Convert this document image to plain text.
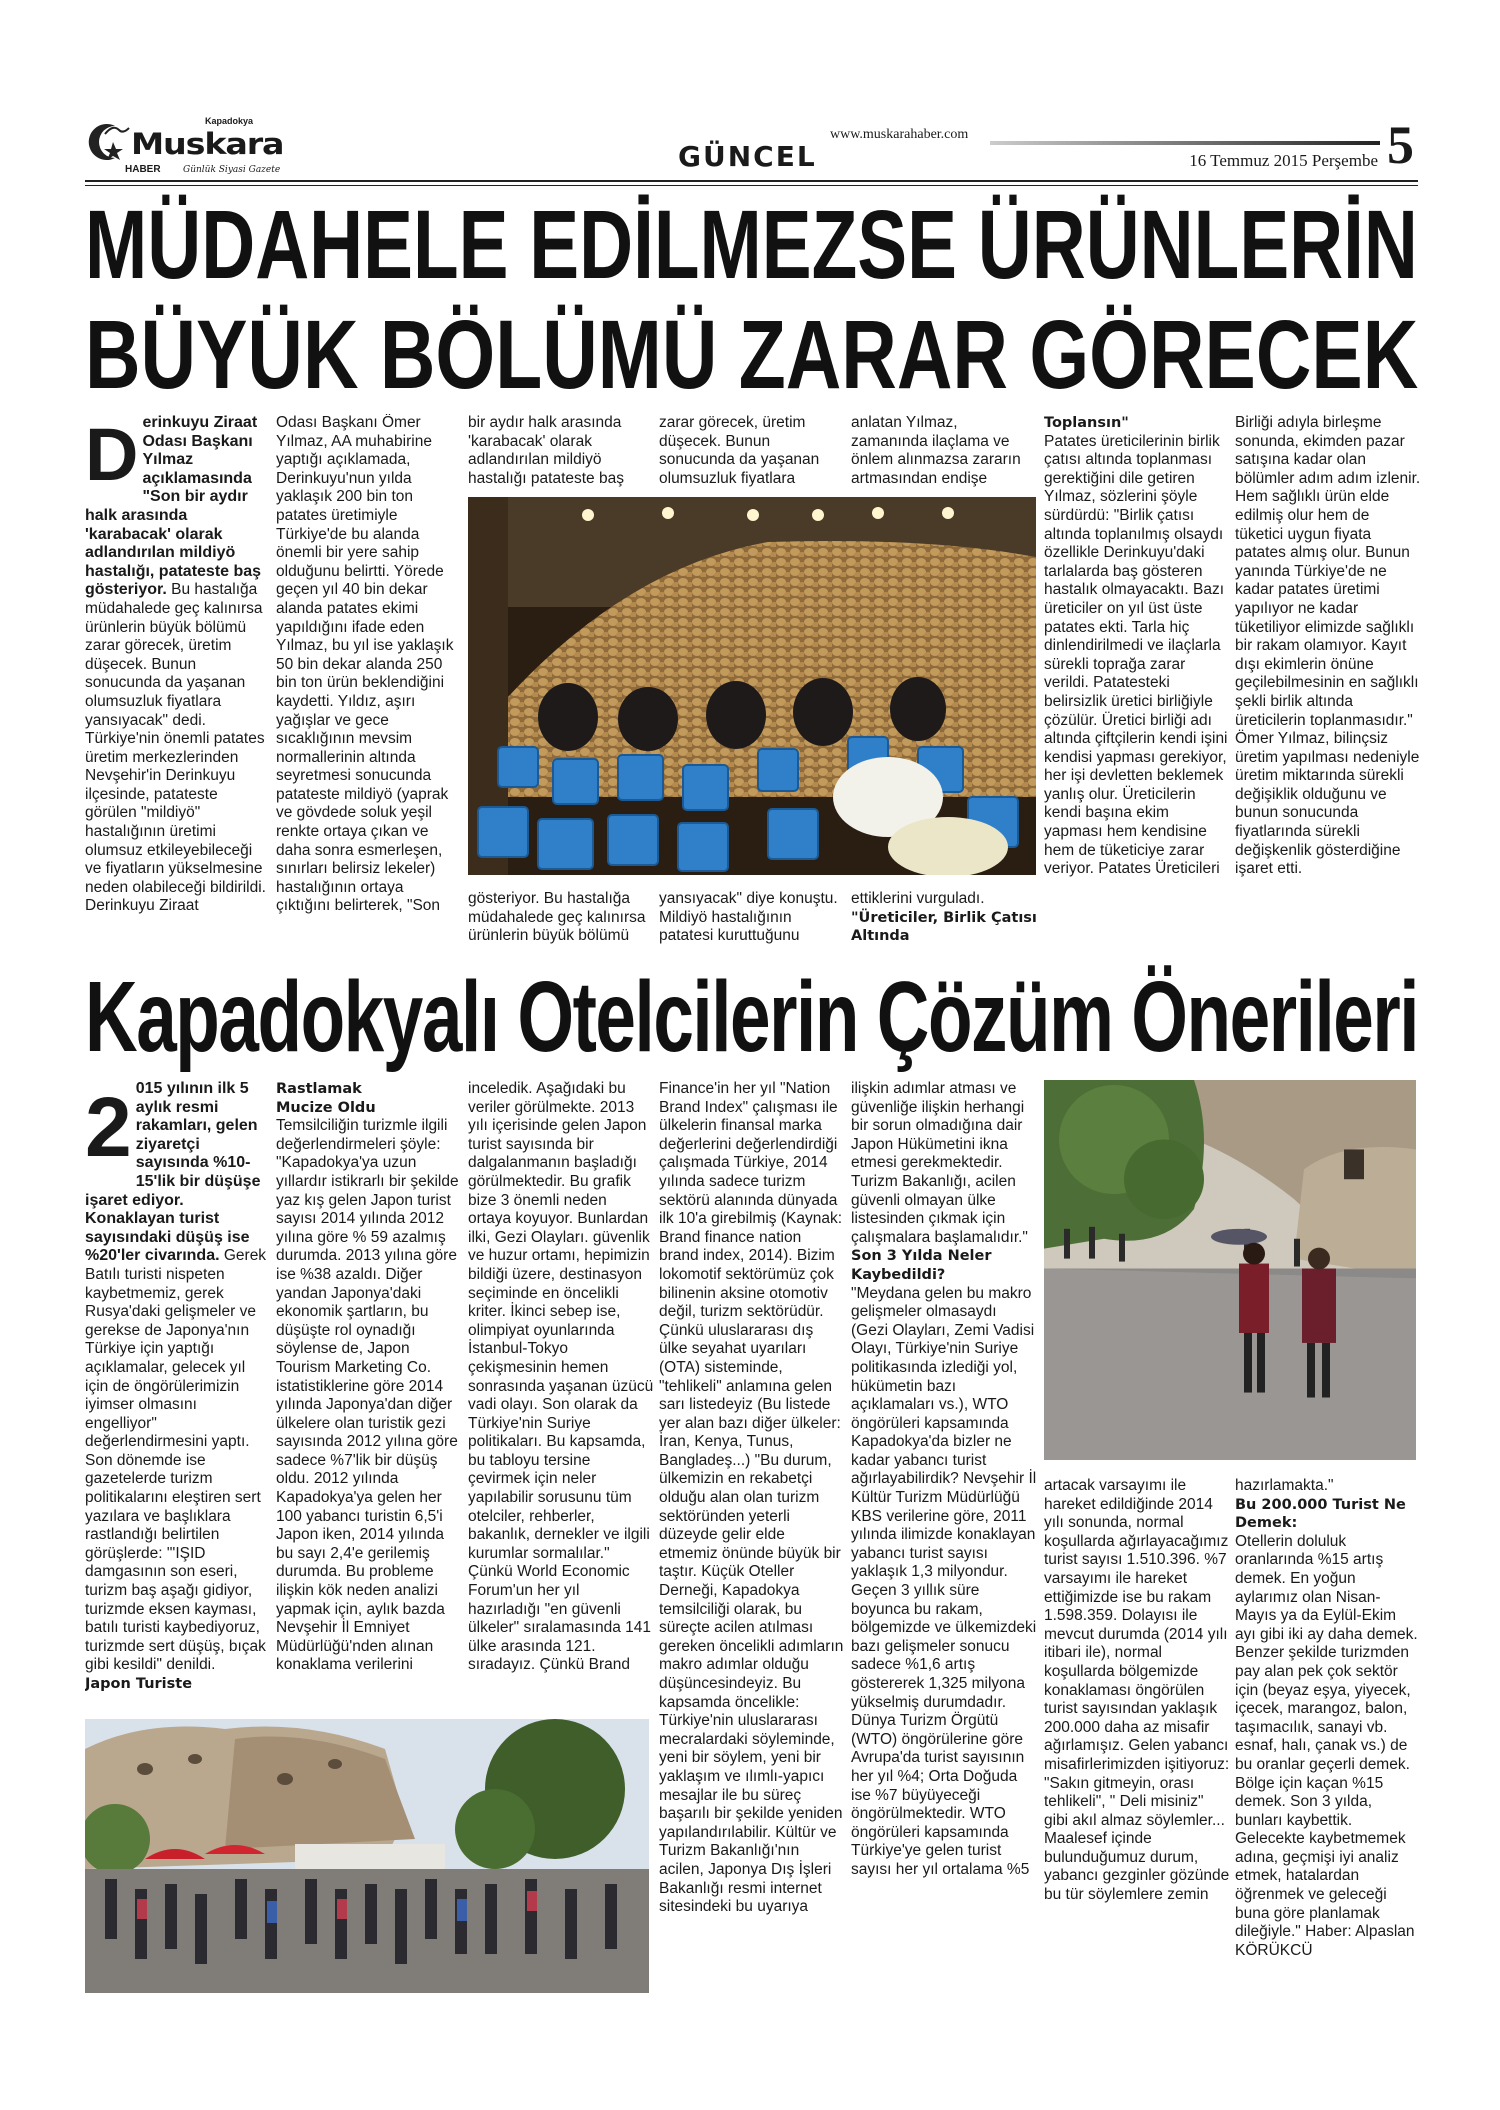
Kapadokya
Muskara
HABER Günlük Siyasi Gazete	GÜNCEL
www.muskarahaber.com
16 Temmuz 2015 Perşembe 5
MÜDAHELE EDİLMEZSE ÜRÜNLERİN
BÜYÜK BÖLÜMÜ ZARAR GÖRECEK
Derinkuyu Ziraat Odası Başkanı Yılmaz açıklamasında "Son bir aydır halk arasında 'karabacak' olarak adlandırılan mildiyö hastalığı, patateste baş gösteriyor. Bu hastalığa müdahalede geç kalınırsa ürünlerin büyük bölümü zarar görecek, üretim düşecek. Bunun sonucunda da yaşanan olumsuzluk fiyatlara yansıyacak" dedi. Türkiye'nin önemli patates üretim merkezlerinden Nevşehir'in Derinkuyu ilçesinde, patateste görülen "mildiyö" hastalığının üretimi olumsuz etkileyebileceği ve fiyatların yükselmesine neden olabileceği bildirildi. Derinkuyu Ziraat
Odası Başkanı Ömer Yılmaz, AA muhabirine yaptığı açıklamada, Derinkuyu'nun yılda yaklaşık 200 bin ton patates üretimiyle Türkiye'de bu alanda önemli bir yere sahip olduğunu belirtti. Yörede geçen yıl 40 bin dekar alanda patates ekimi yapıldığını ifade eden Yılmaz, bu yıl ise yaklaşık 50 bin dekar alanda 250 bin ton ürün beklendiğini kaydetti. Yıldız, aşırı yağışlar ve gece sıcaklığının mevsim normallerinin altında seyretmesi sonucunda patateste mildiyö (yaprak ve gövdede soluk yeşil renkte ortaya çıkan ve daha sonra esmerleşen, sınırları belirsiz lekeler) hastalığının ortaya çıktığını belirterek, "Son
bir aydır halk arasında 'karabacak' olarak adlandırılan mildiyö hastalığı patateste baş
zarar görecek, üretim düşecek. Bunun sonucunda da yaşanan olumsuzluk fiyatlara
anlatan Yılmaz, zamanında ilaçlama ve önlem alınmazsa zararın artmasından endişe
gösteriyor. Bu hastalığa müdahalede geç kalınırsa ürünlerin büyük bölümü
yansıyacak" diye konuştu. Mildiyö hastalığının patatesi kuruttuğunu
ettiklerini vurguladı.
"Üreticiler, Birlik Çatısı Altında
Toplansın"
Patates üreticilerinin birlik çatısı altında toplanması gerektiğini dile getiren Yılmaz, sözlerini şöyle sürdürdü: "Birlik çatısı altında toplanılmış olsaydı özellikle Derinkuyu'daki tarlalarda baş gösteren hastalık olmayacaktı. Bazı üreticiler on yıl üst üste patates ekti. Tarla hiç dinlendirilmedi ve ilaçlarla sürekli toprağa zarar verildi. Patatesteki belirsizlik üretici birliğiyle çözülür. Üretici birliği adı altında çiftçilerin kendi işini kendisi yapması gerekiyor, her işi devletten beklemek yanlış olur. Üreticilerin kendi başına ekim yapması hem kendisine hem de tüketiciye zarar veriyor. Patates Üreticileri
Birliği adıyla birleşme sonunda, ekimden pazar satışına kadar olan bölümler adım adım izlenir. Hem sağlıklı ürün elde edilmiş olur hem de tüketici uygun fiyata patates almış olur. Bunun yanında Türkiye'de ne kadar patates üretimi yapılıyor ne kadar tüketiliyor elimizde sağlıklı bir rakam olamıyor. Kayıt dışı ekimlerin önüne geçilebilmesinin en sağlıklı şekli birlik altında üreticilerin toplanmasıdır." Ömer Yılmaz, bilinçsiz üretim yapılması nedeniyle üretim miktarında sürekli değişiklik olduğunu ve bunun sonucunda fiyatlarında sürekli değişkenlik gösterdiğine işaret etti.
Kapadokyalı Otelcilerin Çözüm Önerileri
2 015 yılının ilk 5 aylık resmi rakamları, gelen ziyaretçi sayısında %10-15'lik bir düşüşe işaret ediyor. Konaklayan turist sayısındaki düşüş ise %20'ler civarında. Gerek Batılı turisti nispeten kaybetmemiz, gerek Rusya'daki gelişmeler ve gerekse de Japonya'nın Türkiye için yaptığı açıklamalar, gelecek yıl için de öngörülerimizin iyimser olmasını engelliyor" değerlendirmesini yaptı. Son dönemde ise gazetelerde turizm politikalarını eleştiren sert yazılara ve başlıklara rastlandığı belirtilen görüşlerde: "'IŞID damgasının son eseri, turizm baş aşağı gidiyor, turizmde eksen kayması, batılı turisti kaybediyoruz, turizmde sert düşüş, bıçak gibi kesildi" denildi.
Japon Turiste
Rastlamak Mucize Oldu
Temsilciliğin turizmle ilgili değerlendirmeleri şöyle: "Kapadokya'ya uzun yıllardır istikrarlı bir şekilde yaz kış gelen Japon turist sayısı 2014 yılında 2012 yılına göre % 59 azalmış durumda. 2013 yılına göre ise %38 azaldı. Diğer yandan Japonya'daki ekonomik şartların, bu düşüşte rol oynadığı söylense de, Japon Tourism Marketing Co. istatistiklerine göre 2014 yılında Japonya'dan diğer ülkelere olan turistik gezi sayısında 2012 yılına göre sadece %7'lik bir düşüş oldu. 2012 yılında Kapadokya'ya gelen her 100 yabancı turistin 6,5'i Japon iken, 2014 yılında bu sayı 2,4'e gerilemiş durumda. Bu probleme ilişkin kök neden analizi yapmak için, aylık bazda Nevşehir İl Emniyet Müdürlüğü'nden alınan konaklama verilerini
inceledik. Aşağıdaki bu veriler görülmekte. 2013 yılı içerisinde gelen Japon turist sayısında bir dalgalanmanın başladığı görülmektedir. Bu grafik bize 3 önemli neden ortaya koyuyor. Bunlardan ilki, Gezi Olayları. güvenlik ve huzur ortamı, hepimizin bildiği üzere, destinasyon seçiminde en öncelikli kriter. İkinci sebep ise, olimpiyat oyunlarında İstanbul-Tokyo çekişmesinin hemen sonrasında yaşanan üzücü vadi olayı. Son olarak da Türkiye'nin Suriye politikaları. Bu kapsamda, bu tabloyu tersine çevirmek için neler yapılabilir sorusunu tüm otelciler, rehberler, bakanlık, dernekler ve ilgili kurumlar sormalılar." Çünkü World Economic Forum'un her yıl hazırladığı "en güvenli ülkeler" sıralamasında 141 ülke arasında 121. sıradayız. Çünkü Brand
Finance'in her yıl "Nation Brand Index" çalışması ile ülkelerin finansal marka değerlerini değerlendirdiği çalışmada Türkiye, 2014 yılında sadece turizm sektörü alanında dünyada ilk 10'a girebilmiş (Kaynak: Brand finance nation brand index, 2014). Bizim lokomotif sektörümüz çok bilinenin aksine otomotiv değil, turizm sektörüdür. Çünkü uluslararası dış ülke seyahat uyarıları (OTA) sisteminde, "tehlikeli" anlamına gelen sarı listedeyiz (Bu listede yer alan bazı diğer ülkeler: İran, Kenya, Tunus, Bangladeş...) "Bu durum, ülkemizin en rekabetçi olduğu alan olan turizm sektöründen yeterli düzeyde gelir elde etmemiz önünde büyük bir taştır. Küçük Oteller Derneği, Kapadokya temsilciliği olarak, bu süreçte acilen atılması gereken öncelikli adımların makro adımlar olduğu düşüncesindeyiz. Bu kapsamda öncelikle: Türkiye'nin uluslararası mecralardaki söyleminde, yeni bir söylem, yeni bir yaklaşım ve ılımlı-yapıcı mesajlar ile bu süreç başarılı bir şekilde yeniden yapılandırılabilir. Kültür ve Turizm Bakanlığı'nın acilen, Japonya Dış İşleri Bakanlığı resmi internet sitesindeki bu uyarıya
ilişkin adımlar atması ve güvenliğe ilişkin herhangi bir sorun olmadığına dair Japon Hükümetini ikna etmesi gerekmektedir. Turizm Bakanlığı, acilen güvenli olmayan ülke listesinden çıkmak için çalışmalara başlamalıdır."
Son 3 Yılda Neler Kaybedildi?
"Meydana gelen bu makro gelişmeler olmasaydı (Gezi Olayları, Zemi Vadisi Olayı, Türkiye'nin Suriye politikasında izlediği yol, hükümetin bazı açıklamaları vs.), WTO öngörüleri kapsamında Kapadokya'da bizler ne kadar yabancı turist ağırlayabilirdik? Nevşehir İl Kültür Turizm Müdürlüğü KBS verilerine göre, 2011 yılında ilimizde konaklayan yabancı turist sayısı yaklaşık 1,3 milyondur. Geçen 3 yıllık süre boyunca bu rakam, bölgemizde ve ülkemizdeki bazı gelişmeler sonucu sadece %1,6 artış göstererek 1,325 milyona yükselmiş durumdadır. Dünya Turizm Örgütü (WTO) öngörülerine göre Avrupa'da turist sayısının her yıl %4; Orta Doğuda ise %7 büyüyeceği öngörülmektedir. WTO öngörüleri kapsamında Türkiye'ye gelen turist sayısı her yıl ortalama %5
artacak varsayımı ile hareket edildiğinde 2014 yılı sonunda, normal koşullarda ağırlayacağımız turist sayısı 1.510.396. %7 varsayımı ile hareket ettiğimizde ise bu rakam 1.598.359. Dolayısı ile mevcut durumda (2014 yılı itibari ile), normal koşullarda bölgemizde konaklaması öngörülen turist sayısından yaklaşık 200.000 daha az misafir ağırlamışız. Gelen yabancı misafirlerimizden işitiyoruz: "Sakın gitmeyin, orası tehlikeli", " Deli misiniz" gibi akıl almaz söylemler... Maalesef içinde bulunduğumuz durum, yabancı gezginler gözünde bu tür söylemlere zemin
hazırlamakta."
Bu 200.000 Turist Ne Demek:
Otellerin doluluk oranlarında %15 artış demek. En yoğun aylarımız olan Nisan-Mayıs ya da Eylül-Ekim ayı gibi iki ay daha demek. Benzer şekilde turizmden pay alan pek çok sektör için (beyaz eşya, yiyecek, içecek, marangoz, balon, taşımacılık, sanayi vb. esnaf, halı, çanak vs.) de bu oranlar geçerli demek. Bölge için kaçan %15 demek. Son 3 yılda, bunları kaybettik. Gelecekte kaybetmemek adına, geçmişi iyi analiz etmek, hatalardan öğrenmek ve geleceği buna göre planlamak dileğiyle." Haber: Alpaslan KÖRÜKCÜ
